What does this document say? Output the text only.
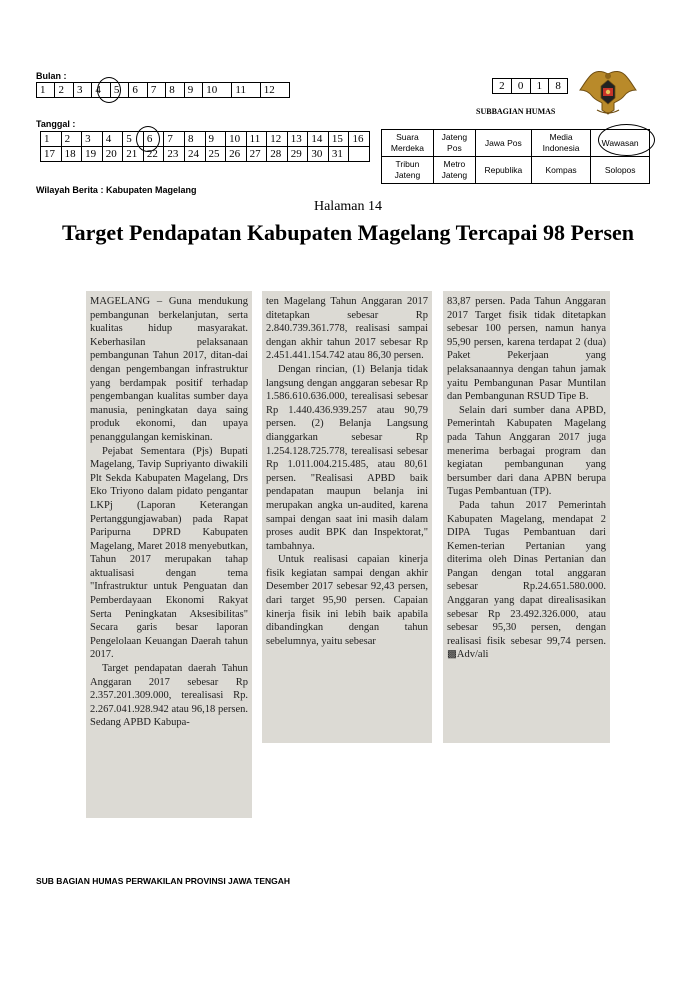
Bulan :
1	2	3	4	5	6	7	8	9	10	11	12
Tanggal :
1	2	3	4	5	6	7	8	9	10	11	12	13	14	15	16
17	18	19	20	21	22	23	24	25	26	27	28	29	30	31	
2	0	1	8
SUBBAGIAN HUMAS
Suara Merdeka	Jateng Pos	Jawa Pos	Media Indonesia	Wawasan
Tribun Jateng	Metro Jateng	Republika	Kompas	Solopos
Wilayah Berita : Kabupaten Magelang
Halaman 14
Target Pendapatan Kabupaten Magelang Tercapai 98 Persen

MAGELANG – Guna mendukung pembangunan berkelanjutan, serta kualitas hidup masyarakat. Keberhasilan pelaksanaan pembangunan Tahun 2017, ditan-dai dengan pengembangan infrastruktur yang berdampak positif terhadap pengembangan kualitas sumber daya manusia, peningkatan daya saing produk ekonomi, dan upaya penanggulangan kemiskinan.

Pejabat Sementara (Pjs) Bupati Magelang, Tavip Supriyanto diwakili Plt Sekda Kabupaten Magelang, Drs Eko Triyono dalam pidato pengantar LKPj (Laporan Keterangan Pertanggungjawaban) pada Rapat Paripurna DPRD Kabupaten Magelang, Maret 2018 menyebutkan, Tahun 2017 merupakan tahap aktualisasi dengan tema "Infrastruktur untuk Penguatan dan Pemberdayaan Ekonomi Rakyat Serta Peningkatan Aksesibilitas" Secara garis besar laporan Pengelolaan Keuangan Daerah tahun 2017.

Target pendapatan daerah Tahun Anggaran 2017 sebesar Rp 2.357.201.309.000, terealisasi Rp. 2.267.041.928.942 atau 96,18 persen. Sedang APBD Kabupa-

ten Magelang Tahun Anggaran 2017 ditetapkan sebesar Rp 2.840.739.361.778, realisasi sampai dengan akhir tahun 2017 sebesar Rp 2.451.441.154.742 atau 86,30 persen.

Dengan rincian, (1) Belanja tidak langsung dengan anggaran sebesar Rp 1.586.610.636.000, terealisasi sebesar Rp 1.440.436.939.257 atau 90,79 persen. (2) Belanja Langsung dianggarkan sebesar Rp 1.254.128.725.778, terealisasi sebesar Rp 1.011.004.215.485, atau 80,61 persen. "Realisasi APBD baik pendapatan maupun belanja ini merupakan angka un-audited, karena sampai dengan saat ini masih dalam proses audit BPK dan Inspektorat," tambahnya.

Untuk realisasi capaian kinerja fisik kegiatan sampai dengan akhir Desember 2017 sebesar 92,43 persen, dari target 95,90 persen. Capaian kinerja fisik ini lebih baik apabila dibandingkan dengan tahun sebelumnya, yaitu sebesar

83,87 persen. Pada Tahun Anggaran 2017 Target fisik tidak ditetapkan sebesar 100 persen, namun hanya 95,90 persen, karena terdapat 2 (dua) Paket Pekerjaan yang pelaksanaannya dengan tahun jamak yaitu Pembangunan Pasar Muntilan dan Pembangunan RSUD Tipe B.

Selain dari sumber dana APBD, Pemerintah Kabupaten Magelang pada Tahun Anggaran 2017 juga menerima berbagai program dan kegiatan pembangunan yang bersumber dari dana APBN berupa Tugas Pembantuan (TP).

Pada tahun 2017 Pemerintah Kabupaten Magelang, mendapat 2 DIPA Tugas Pembantuan dari Kemen-terian Pertanian yang diterima oleh Dinas Pertanian dan Pangan dengan total anggaran sebesar Rp.24.651.580.000. Anggaran yang dapat direalisasikan sebesar Rp 23.492.326.000, atau sebesar 95,30 persen, dengan realisasi fisik sebesar 99,74 persen. ▩Adv/ali

SUB BAGIAN HUMAS PERWAKILAN PROVINSI JAWA TENGAH
